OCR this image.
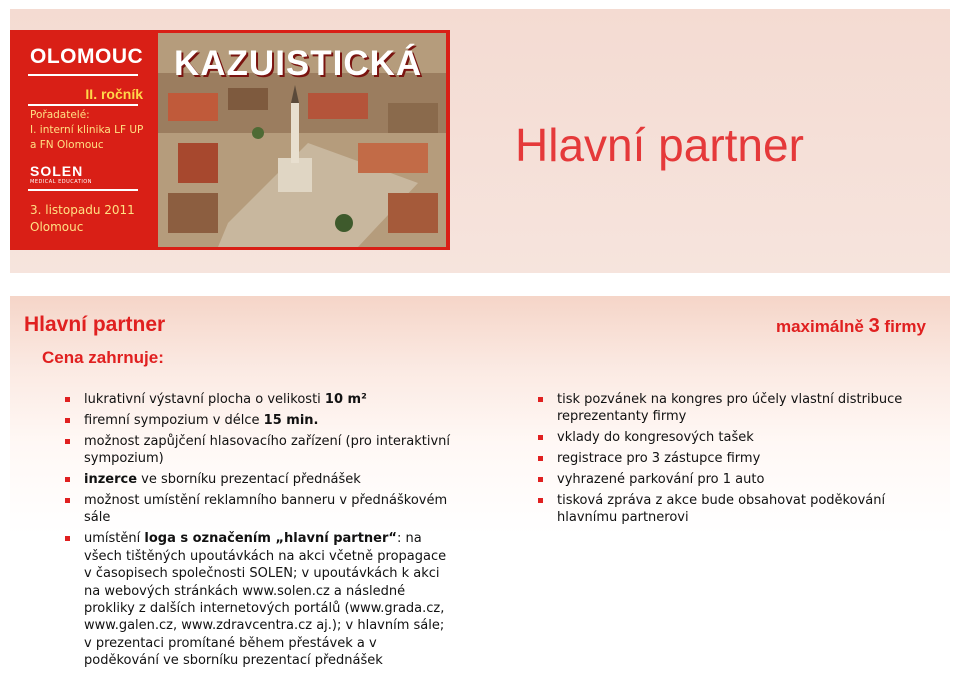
OLOMOUC
II. ročník
Pořadatelé:
I. interní klinika LF UP
a FN Olomouc
SOLEN
MEDICAL EDUCATION
3. listopadu 2011
Olomouc
KAZUISTICKÁ
Hlavní partner
Hlavní partner	maximálně 3 firmy
Cena zahrnuje:
lukrativní výstavní plocha o velikosti 10 m²
firemní sympozium v délce 15 min.
možnost zapůjčení hlasovacího zařízení (pro interaktivní sympozium)
inzerce ve sborníku prezentací přednášek
možnost umístění reklamního banneru v přednáškovém sále
umístění loga s označením „hlavní partner“: na všech tištěných upoutávkách na akci včetně propagace v časopisech společnosti SOLEN; v upoutávkách k akci na webových stránkách www.solen.cz a následné prokliky z dalších internetových portálů (www.grada.cz, www.galen.cz, www.zdravcentra.cz aj.); v hlavním sále; v prezentaci promítané během přestávek a v poděkování ve sborníku prezentací přednášek
tisk pozvánek na kongres pro účely vlastní distribuce reprezentanty firmy
vklady do kongresových tašek
registrace pro 3 zástupce firmy
vyhrazené parkování pro 1 auto
tisková zpráva z akce bude obsahovat poděkování hlavnímu partnerovi
